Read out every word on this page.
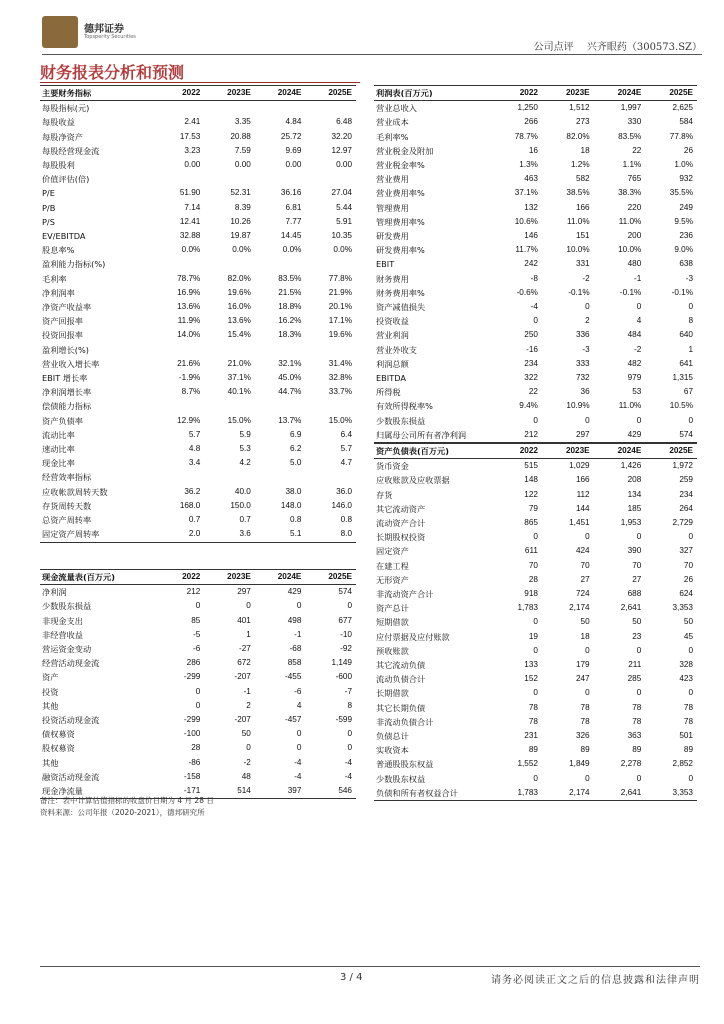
德邦证券
Topsperity Securities
公司点评 兴齐眼药（300573.SZ）
财务报表分析和预测
主要财务指标	2022	2023E	2024E	2025E
每股指标(元)				
每股收益	2.41	3.35	4.84	6.48
每股净资产	17.53	20.88	25.72	32.20
每股经营现金流	3.23	7.59	9.69	12.97
每股股利	0.00	0.00	0.00	0.00
价值评估(倍)				
P/E	51.90	52.31	36.16	27.04
P/B	7.14	8.39	6.81	5.44
P/S	12.41	10.26	7.77	5.91
EV/EBITDA	32.88	19.87	14.45	10.35
股息率%	0.0%	0.0%	0.0%	0.0%
盈利能力指标(%)				
毛利率	78.7%	82.0%	83.5%	77.8%
净利润率	16.9%	19.6%	21.5%	21.9%
净资产收益率	13.6%	16.0%	18.8%	20.1%
资产回报率	11.9%	13.6%	16.2%	17.1%
投资回报率	14.0%	15.4%	18.3%	19.6%
盈利增长(%)				
营业收入增长率	21.6%	21.0%	32.1%	31.4%
EBIT 增长率	-1.9%	37.1%	45.0%	32.8%
净利润增长率	8.7%	40.1%	44.7%	33.7%
偿债能力指标				
资产负债率	12.9%	15.0%	13.7%	15.0%
流动比率	5.7	5.9	6.9	6.4
速动比率	4.8	5.3	6.2	5.7
现金比率	3.4	4.2	5.0	4.7
经营效率指标				
应收帐款周转天数	36.2	40.0	38.0	36.0
存货周转天数	168.0	150.0	148.0	146.0
总资产周转率	0.7	0.7	0.8	0.8
固定资产周转率	2.0	3.6	5.1	8.0
现金流量表(百万元)	2022	2023E	2024E	2025E
净利润	212	297	429	574
少数股东损益	0	0	0	0
非现金支出	85	401	498	677
非经营收益	-5	1	-1	-10
营运资金变动	-6	-27	-68	-92
经营活动现金流	286	672	858	1,149
资产	-299	-207	-455	-600
投资	0	-1	-6	-7
其他	0	2	4	8
投资活动现金流	-299	-207	-457	-599
债权募资	-100	50	0	0
股权募资	28	0	0	0
其他	-86	-2	-4	-4
融资活动现金流	-158	48	-4	-4
现金净流量	-171	514	397	546
利润表(百万元)	2022	2023E	2024E	2025E
营业总收入	1,250	1,512	1,997	2,625
营业成本	266	273	330	584
毛利率%	78.7%	82.0%	83.5%	77.8%
营业税金及附加	16	18	22	26
营业税金率%	1.3%	1.2%	1.1%	1.0%
营业费用	463	582	765	932
营业费用率%	37.1%	38.5%	38.3%	35.5%
管理费用	132	166	220	249
管理费用率%	10.6%	11.0%	11.0%	9.5%
研发费用	146	151	200	236
研发费用率%	11.7%	10.0%	10.0%	9.0%
EBIT	242	331	480	638
财务费用	-8	-2	-1	-3
财务费用率%	-0.6%	-0.1%	-0.1%	-0.1%
资产减值损失	-4	0	0	0
投资收益	0	2	4	8
营业利润	250	336	484	640
营业外收支	-16	-3	-2	1
利润总额	234	333	482	641
EBITDA	322	732	979	1,315
所得税	22	36	53	67
有效所得税率%	9.4%	10.9%	11.0%	10.5%
少数股东损益	0	0	0	0
归属母公司所有者净利润	212	297	429	574
资产负债表(百万元)	2022	2023E	2024E	2025E
货币资金	515	1,029	1,426	1,972
应收账款及应收票据	148	166	208	259
存货	122	112	134	234
其它流动资产	79	144	185	264
流动资产合计	865	1,451	1,953	2,729
长期股权投资	0	0	0	0
固定资产	611	424	390	327
在建工程	70	70	70	70
无形资产	28	27	27	26
非流动资产合计	918	724	688	624
资产总计	1,783	2,174	2,641	3,353
短期借款	0	50	50	50
应付票据及应付账款	19	18	23	45
预收账款	0	0	0	0
其它流动负债	133	179	211	328
流动负债合计	152	247	285	423
长期借款	0	0	0	0
其它长期负债	78	78	78	78
非流动负债合计	78	78	78	78
负债总计	231	326	363	501
实收资本	89	89	89	89
普通股股东权益	1,552	1,849	2,278	2,852
少数股东权益	0	0	0	0
负债和所有者权益合计	1,783	2,174	2,641	3,353
备注：表中计算估值指标的收盘价日期为 4 月 28 日
资料来源：公司年报（2020-2021），德邦研究所
3 / 4	请务必阅读正文之后的信息披露和法律声明
